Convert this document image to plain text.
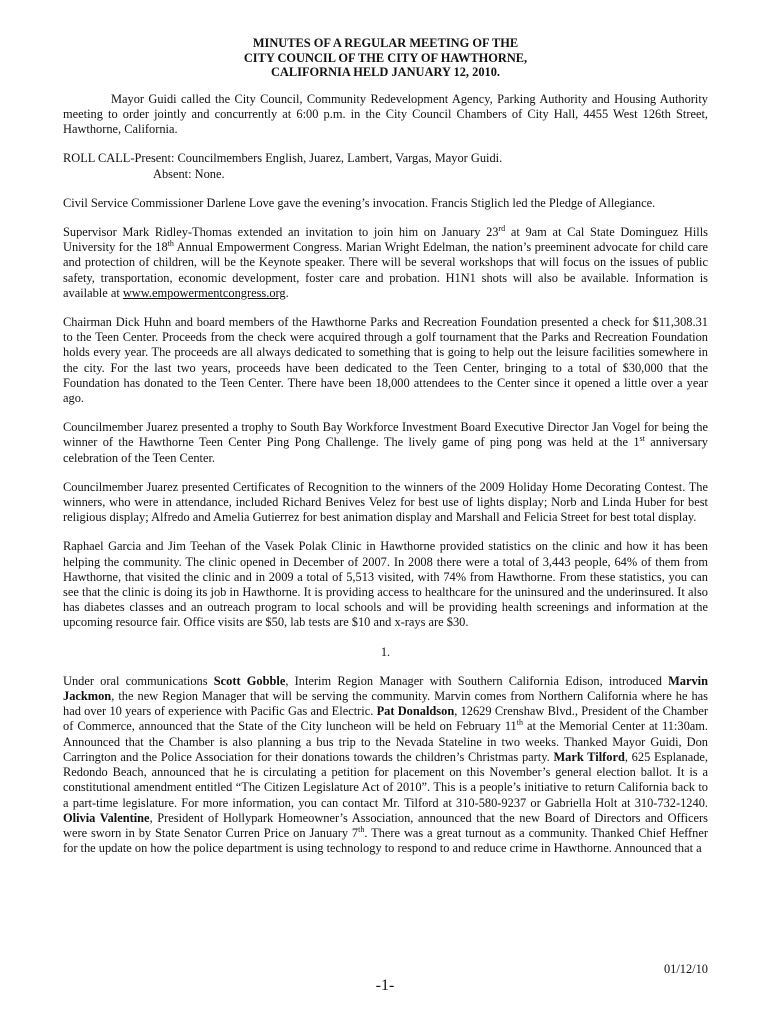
MINUTES OF A REGULAR MEETING OF THE
CITY COUNCIL OF THE CITY OF HAWTHORNE,
CALIFORNIA HELD JANUARY 12, 2010.

Mayor Guidi called the City Council, Community Redevelopment Agency, Parking Authority and Housing Authority meeting to order jointly and concurrently at 6:00 p.m. in the City Council Chambers of City Hall, 4455 West 126th Street, Hawthorne, California.

ROLL CALL-Present: Councilmembers English, Juarez, Lambert, Vargas, Mayor Guidi.
Absent: None.

Civil Service Commissioner Darlene Love gave the evening’s invocation. Francis Stiglich led the Pledge of Allegiance.

Supervisor Mark Ridley-Thomas extended an invitation to join him on January 23rd at 9am at Cal State Dominguez Hills University for the 18th Annual Empowerment Congress. Marian Wright Edelman, the nation’s preeminent advocate for child care and protection of children, will be the Keynote speaker. There will be several workshops that will focus on the issues of public safety, transportation, economic development, foster care and probation. H1N1 shots will also be available. Information is available at www.empowermentcongress.org.

Chairman Dick Huhn and board members of the Hawthorne Parks and Recreation Foundation presented a check for $11,308.31 to the Teen Center. Proceeds from the check were acquired through a golf tournament that the Parks and Recreation Foundation holds every year. The proceeds are all always dedicated to something that is going to help out the leisure facilities somewhere in the city. For the last two years, proceeds have been dedicated to the Teen Center, bringing to a total of $30,000 that the Foundation has donated to the Teen Center. There have been 18,000 attendees to the Center since it opened a little over a year ago.

Councilmember Juarez presented a trophy to South Bay Workforce Investment Board Executive Director Jan Vogel for being the winner of the Hawthorne Teen Center Ping Pong Challenge. The lively game of ping pong was held at the 1st anniversary celebration of the Teen Center.

Councilmember Juarez presented Certificates of Recognition to the winners of the 2009 Holiday Home Decorating Contest. The winners, who were in attendance, included Richard Benives Velez for best use of lights display; Norb and Linda Huber for best religious display; Alfredo and Amelia Gutierrez for best animation display and Marshall and Felicia Street for best total display.

Raphael Garcia and Jim Teehan of the Vasek Polak Clinic in Hawthorne provided statistics on the clinic and how it has been helping the community. The clinic opened in December of 2007. In 2008 there were a total of 3,443 people, 64% of them from Hawthorne, that visited the clinic and in 2009 a total of 5,513 visited, with 74% from Hawthorne. From these statistics, you can see that the clinic is doing its job in Hawthorne. It is providing access to healthcare for the uninsured and the underinsured. It also has diabetes classes and an outreach program to local schools and will be providing health screenings and information at the upcoming resource fair. Office visits are $50, lab tests are $10 and x-rays are $30.

1.

Under oral communications Scott Gobble, Interim Region Manager with Southern California Edison, introduced Marvin Jackmon, the new Region Manager that will be serving the community. Marvin comes from Northern California where he has had over 10 years of experience with Pacific Gas and Electric. Pat Donaldson, 12629 Crenshaw Blvd., President of the Chamber of Commerce, announced that the State of the City luncheon will be held on February 11th at the Memorial Center at 11:30am. Announced that the Chamber is also planning a bus trip to the Nevada Stateline in two weeks. Thanked Mayor Guidi, Don Carrington and the Police Association for their donations towards the children’s Christmas party. Mark Tilford, 625 Esplanade, Redondo Beach, announced that he is circulating a petition for placement on this November’s general election ballot. It is a constitutional amendment entitled “The Citizen Legislature Act of 2010”. This is a people’s initiative to return California back to a part-time legislature. For more information, you can contact Mr. Tilford at 310-580-9237 or Gabriella Holt at 310-732-1240. Olivia Valentine, President of Hollypark Homeowner’s Association, announced that the new Board of Directors and Officers were sworn in by State Senator Curren Price on January 7th. There was a great turnout as a community. Thanked Chief Heffner for the update on how the police department is using technology to respond to and reduce crime in Hawthorne. Announced that a

01/12/10
-1-
